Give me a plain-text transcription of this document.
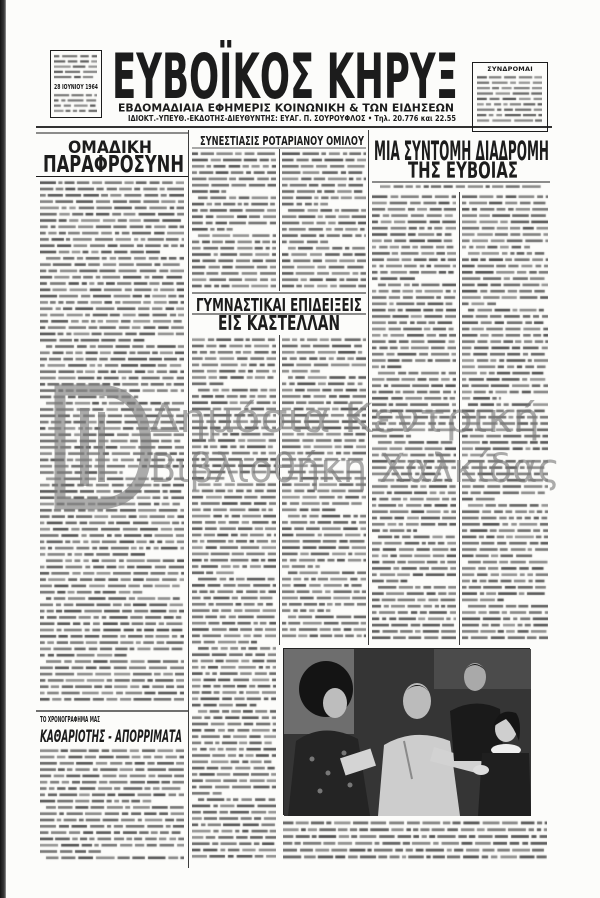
28 ΙΟΥΝΙΟΥ 1964 ΕΥΒΟΪΚΟΣ ΚΗΡΥΞ
ΕΒΔΟΜΑΔΙΑΙΑ ΕΦΗΜΕΡΙΣ ΚΟΙΝΩΝΙΚΗ & ΤΩΝ ΕΙΔΗΣΕΩΝ
ΙΔΙΟΚΤ.-ΥΠΕΥΘ.-ΕΚΔΟΤΗΣ-ΔΙΕΥΘΥΝΤΗΣ: ΕΥΑΓ. Π. ΣΟΥΡΟΥΦΛΟΣ • Τηλ. 20.776 και 22.55
ΣΥΝΔΡΟΜΑΙ
ΟΜΑΔΙΚΗ
ΠΑΡΑΦΡΟΣΥΝΗ
ΤΟ ΧΡΟΝΟΓΡΑΦΗΜΑ ΜΑΣ
ΚΑΘΑΡΙΟΤΗΣ - ΑΠΟΡΡΙΜΑΤΑ
ΣΥΝΕΣΤΙΑΣΙΣ ΡΟΤΑΡΙΑΝΟΥ ΟΜΙΛΟΥ
ΓΥΜΝΑΣΤΙΚΑΙ ΕΠΙΔΕΙΞΕΙΣ
ΕΙΣ ΚΑΣΤΕΛΛΑΝ
ΜΙΑ ΣΥΝΤΟΜΗ ΔΙΑΔΡΟΜΗ
ΤΗΣ ΕΥΒΟΙΑΣ
Δημόσια Κεντρική
Βιβλιοθήκη Χαλκίδας
